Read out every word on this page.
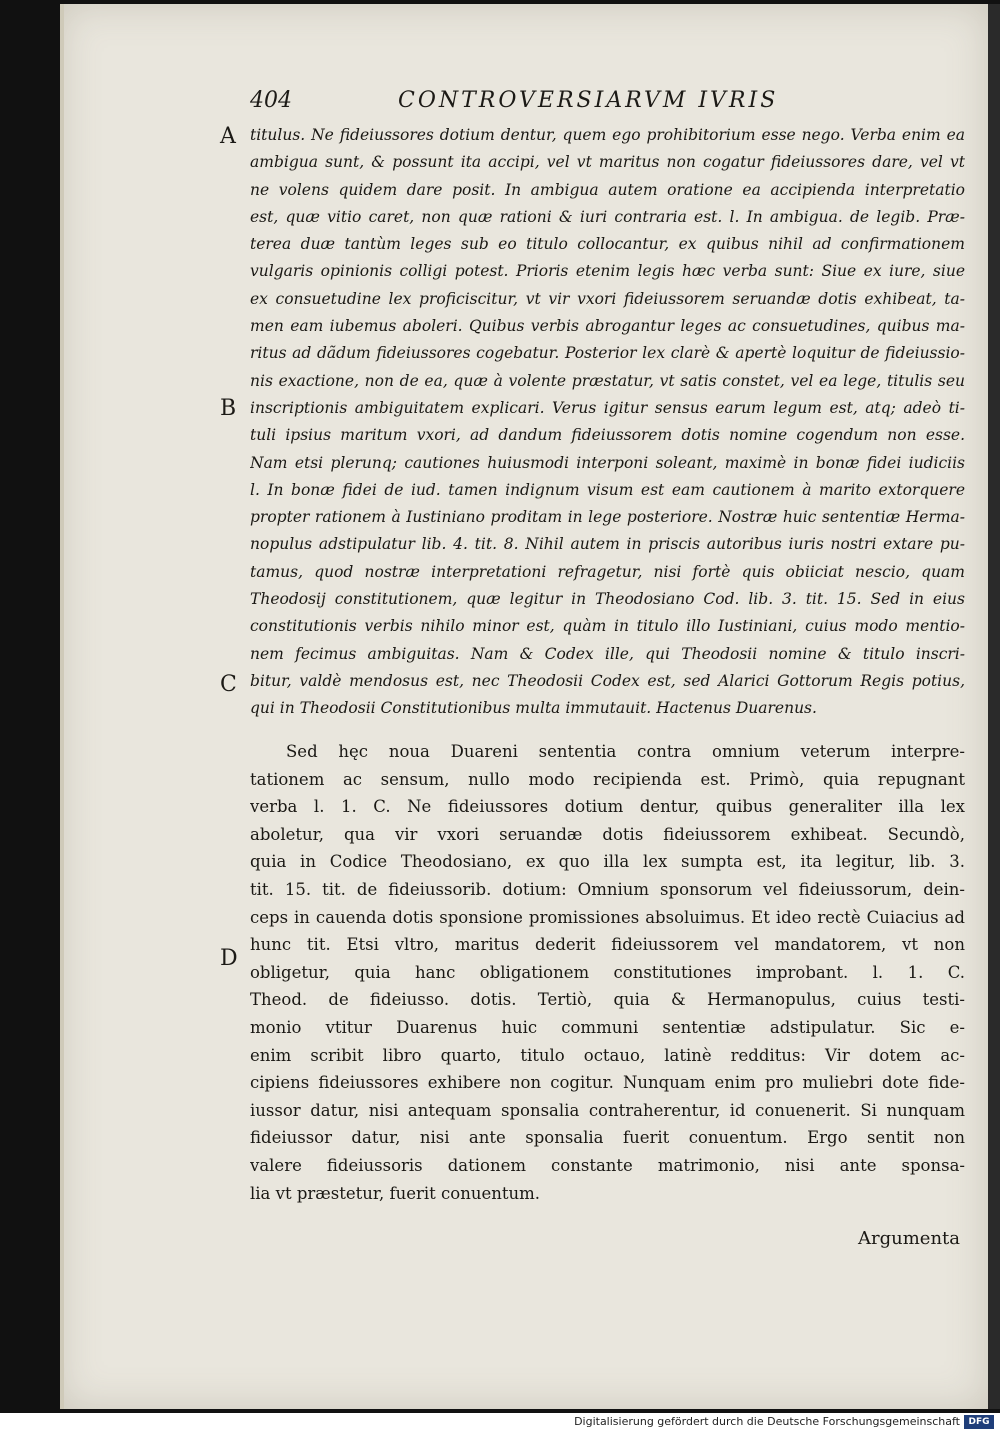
404	CONTROVERSIARVM IVRIS
A
B
C
D
titulus. Ne fideiussores dotium dentur, quem ego prohibitorium esse nego. Verba enim ea
ambigua sunt, & possunt ita accipi, vel vt maritus non cogatur fideiussores dare, vel vt
ne volens quidem dare posit. In ambigua autem oratione ea accipienda interpretatio
est, quæ vitio caret, non quæ rationi & iuri contraria est. l. In ambigua. de legib. Præ-
terea duæ tantùm leges sub eo titulo collocantur, ex quibus nihil ad confirmationem
vulgaris opinionis colligi potest. Prioris etenim legis hæc verba sunt: Siue ex iure, siue
ex consuetudine lex proficiscitur, vt vir vxori fideiussorem seruandæ dotis exhibeat, ta-
men eam iubemus aboleri. Quibus verbis abrogantur leges ac consuetudines, quibus ma-
ritus ad dãdum fideiussores cogebatur. Posterior lex clarè & apertè loquitur de fideiussio-
nis exactione, non de ea, quæ à volente præstatur, vt satis constet, vel ea lege, titulis seu
inscriptionis ambiguitatem explicari. Verus igitur sensus earum legum est, atq; adeò ti-
tuli ipsius maritum vxori, ad dandum fideiussorem dotis nomine cogendum non esse.
Nam etsi plerunq; cautiones huiusmodi interponi soleant, maximè in bonæ fidei iudiciis
l. In bonæ fidei de iud. tamen indignum visum est eam cautionem à marito extorquere
propter rationem à Iustiniano proditam in lege posteriore. Nostræ huic sententiæ Herma-
nopulus adstipulatur lib. 4. tit. 8. Nihil autem in priscis autoribus iuris nostri extare pu-
tamus, quod nostræ interpretationi refragetur, nisi fortè quis obiiciat nescio, quam
Theodosij constitutionem, quæ legitur in Theodosiano Cod. lib. 3. tit. 15. Sed in eius
constitutionis verbis nihilo minor est, quàm in titulo illo Iustiniani, cuius modo mentio-
nem fecimus ambiguitas. Nam & Codex ille, qui Theodosii nomine & titulo inscri-
bitur, valdè mendosus est, nec Theodosii Codex est, sed Alarici Gottorum Regis potius,
qui in Theodosii Constitutionibus multa immutauit. Hactenus Duarenus.
Sed hęc noua Duareni sententia contra omnium veterum interpre-
tationem ac sensum, nullo modo recipienda est. Primò, quia repugnant
verba l. 1. C. Ne fideiussores dotium dentur, quibus generaliter illa lex
aboletur, qua vir vxori seruandæ dotis fideiussorem exhibeat. Secundò,
quia in Codice Theodosiano, ex quo illa lex sumpta est, ita legitur, lib. 3.
tit. 15. tit. de fideiussorib. dotium: Omnium sponsorum vel fideiussorum, dein-
ceps in cauenda dotis sponsione promissiones absoluimus. Et ideo rectè Cuiacius ad
hunc tit. Etsi vltro, maritus dederit fideiussorem vel mandatorem, vt non
obligetur, quia hanc obligationem constitutiones improbant. l. 1. C.
Theod. de fideiusso. dotis. Tertiò, quia & Hermanopulus, cuius testi-
monio vtitur Duarenus huic communi sententiæ adstipulatur. Sic e-
enim scribit libro quarto, titulo octauo, latinè redditus: Vir dotem ac-
cipiens fideiussores exhibere non cogitur. Nunquam enim pro muliebri dote fide-
iussor datur, nisi antequam sponsalia contraherentur, id conuenerit. Si nunquam
fideiussor datur, nisi ante sponsalia fuerit conuentum. Ergo sentit non
valere fideiussoris dationem constante matrimonio, nisi ante sponsa-
lia vt præstetur, fuerit conuentum.
Argumenta
Digitalisierung gefördert durch die Deutsche Forschungsgemeinschaft DFG
